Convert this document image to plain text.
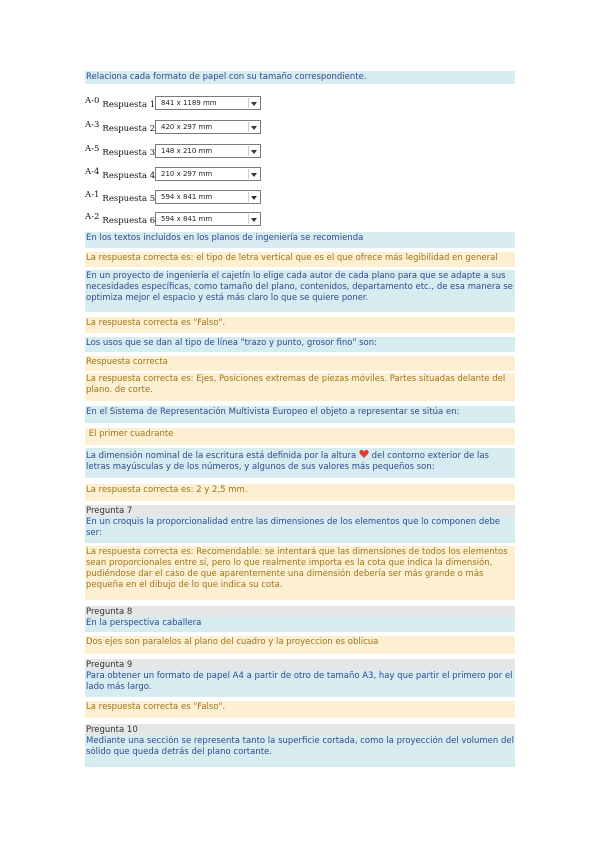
Relaciona cada formato de papel con su tamaño correspondiente.
A-0 Respuesta 1 841 x 1189 mm
A-3 Respuesta 2 420 x 297 mm
A-5 Respuesta 3 148 x 210 mm
A-4 Respuesta 4 210 x 297 mm
A-1 Respuesta 5 594 x 841 mm
A-2 Respuesta 6 594 x 841 mm
En los textos incluidos en los planos de ingeniería se recomienda
La respuesta correcta es: el tipo de letra vertical que es el que ofrece más legibilidad en general
En un proyecto de ingeniería el cajetín lo elige cada autor de cada plano para que se adapte a sus necesidades específicas, como tamaño del plano, contenidos, departamento etc., de esa manera se optimiza mejor el espacio y está más claro lo que se quiere poner.
La respuesta correcta es "Falso".
Los usos que se dan al tipo de línea "trazo y punto, grosor fino" son:
Respuesta correcta
La respuesta correcta es: Ejes, Posiciones extremas de piezas móviles. Partes situadas delante del plano. de corte.
En el Sistema de Representación Multivista Europeo el objeto a representar se sitúa en:
El primer cuadrante
La dimensión nominal de la escritura está definida por la altura del contorno exterior de las letras mayúsculas y de los números, y algunos de sus valores más pequeños son:
La respuesta correcta es: 2 y 2,5 mm.
Pregunta 7
En un croquis la proporcionalidad entre las dimensiones de los elementos que lo componen debe ser:
La respuesta correcta es: Recomendable: se intentará que las dimensiones de todos los elementos sean proporcionales entre sí, pero lo que realmente importa es la cota que indica la dimensión, pudiéndose dar el caso de que aparentemente una dimensión debería ser más grande o más pequeña en el dibujo de lo que indica su cota.
Pregunta 8
En la perspectiva caballera
Dos ejes son paralelos al plano del cuadro y la proyeccion es oblicua
Pregunta 9
Para obtener un formato de papel A4 a partir de otro de tamaño A3, hay que partir el primero por el lado más largo.
La respuesta correcta es "Falso".
Pregunta 10
Mediante una sección se representa tanto la superficie cortada, como la proyección del volumen del sólido que queda detrás del plano cortante.
